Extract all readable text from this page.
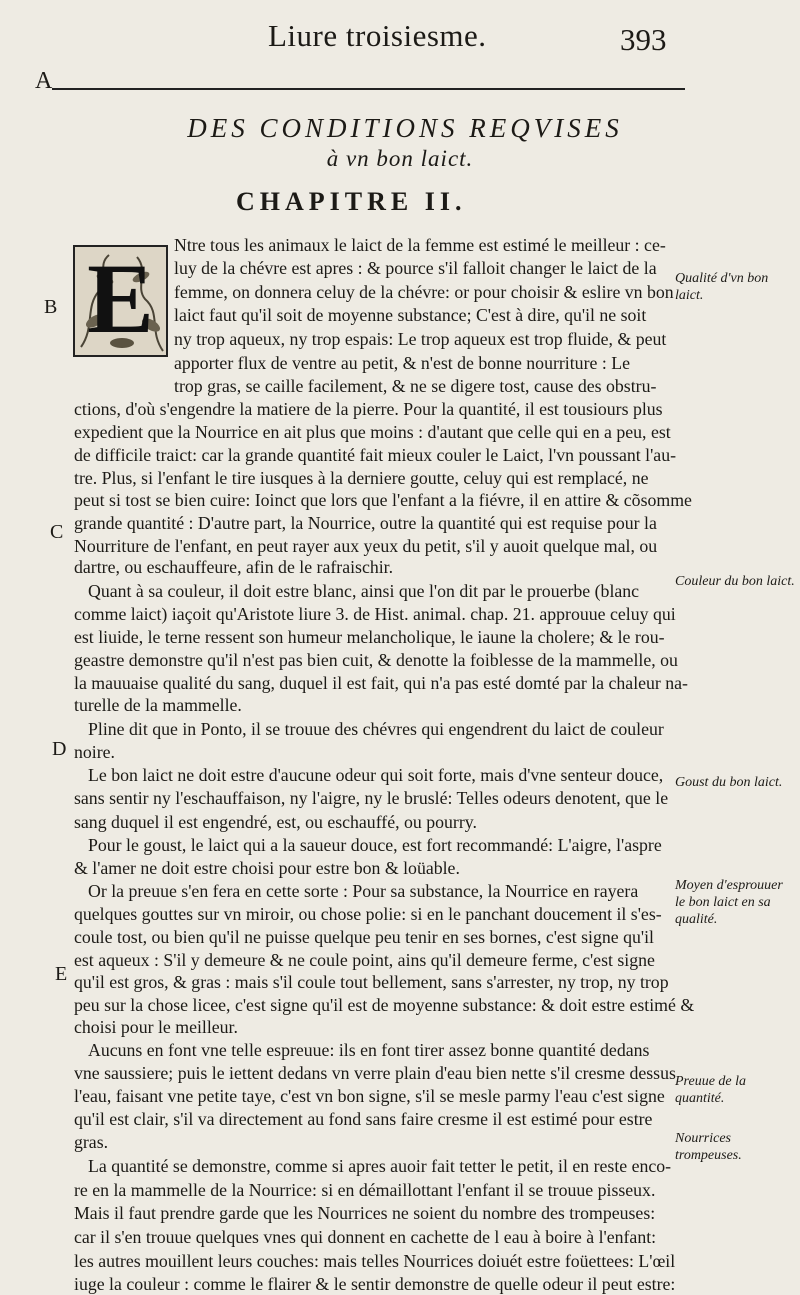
Liure troisiesme.	393
A
B
C
D
E
DES CONDITIONS REQVISES
à vn bon laict.
CHAPITRE II.
E	Ntre tous les animaux le laict de la femme est estimé le meilleur : ce-
luy de la chévre est apres : & pource s'il falloit changer le laict de la
femme, on donnera celuy de la chévre: or pour choisir & eslire vn bon
laict faut qu'il soit de moyenne substance; C'est à dire, qu'il ne soit
ny trop aqueux, ny trop espais: Le trop aqueux est trop fluide, & peut
apporter flux de ventre au petit, & n'est de bonne nourriture : Le
trop gras, se caille facilement, & ne se digere tost, cause des obstru-
ctions, d'où s'engendre la matiere de la pierre. Pour la quantité, il est tousiours plus
expedient que la Nourrice en ait plus que moins : d'autant que celle qui en a peu, est
de difficile traict: car la grande quantité fait mieux couler le Laict, l'vn poussant l'au-
tre. Plus, si l'enfant le tire iusques à la derniere goutte, celuy qui est remplacé, ne
peut si tost se bien cuire: Ioinct que lors que l'enfant a la fiévre, il en attire & cõsomme
grande quantité : D'autre part, la Nourrice, outre la quantité qui est requise pour la
Nourriture de l'enfant, en peut rayer aux yeux du petit, s'il y auoit quelque mal, ou
dartre, ou eschauffeure, afin de le rafraischir.
Quant à sa couleur, il doit estre blanc, ainsi que l'on dit par le prouerbe (blanc
comme laict) iaçoit qu'Aristote liure 3. de Hist. animal. chap. 21. approuue celuy qui
est liuide, le terne ressent son humeur melancholique, le iaune la cholere; & le rou-
geastre demonstre qu'il n'est pas bien cuit, & denotte la foiblesse de la mammelle, ou
la mauuaise qualité du sang, duquel il est fait, qui n'a pas esté domté par la chaleur na-
turelle de la mammelle.
Pline dit que in Ponto, il se trouue des chévres qui engendrent du laict de couleur
noire.
Le bon laict ne doit estre d'aucune odeur qui soit forte, mais d'vne senteur douce,
sans sentir ny l'eschauffaison, ny l'aigre, ny le bruslé: Telles odeurs denotent, que le
sang duquel il est engendré, est, ou eschauffé, ou pourry.
Pour le goust, le laict qui a la saueur douce, est fort recommandé: L'aigre, l'aspre
& l'amer ne doit estre choisi pour estre bon & loüable.
Or la preuue s'en fera en cette sorte : Pour sa substance, la Nourrice en rayera
quelques gouttes sur vn miroir, ou chose polie: si en le panchant doucement il s'es-
coule tost, ou bien qu'il ne puisse quelque peu tenir en ses bornes, c'est signe qu'il
est aqueux : S'il y demeure & ne coule point, ains qu'il demeure ferme, c'est signe
qu'il est gros, & gras : mais s'il coule tout bellement, sans s'arrester, ny trop, ny trop
peu sur la chose licee, c'est signe qu'il est de moyenne substance: & doit estre estimé &
choisi pour le meilleur.
Aucuns en font vne telle espreuue: ils en font tirer assez bonne quantité dedans
vne saussiere; puis le iettent dedans vn verre plain d'eau bien nette s'il cresme dessus
l'eau, faisant vne petite taye, c'est vn bon signe, s'il se mesle parmy l'eau c'est signe
qu'il est clair, s'il va directement au fond sans faire cresme il est estimé pour estre
gras.
La quantité se demonstre, comme si apres auoir fait tetter le petit, il en reste enco-
re en la mammelle de la Nourrice: si en démaillottant l'enfant il se trouue pisseux.
Mais il faut prendre garde que les Nourrices ne soient du nombre des trompeuses:
car il s'en trouue quelques vnes qui donnent en cachette de l eau à boire à l'enfant:
les autres mouillent leurs couches: mais telles Nourrices doiuét estre foüettees: L'œil
iuge la couleur : comme le flairer & le sentir demonstre de quelle odeur il peut estre:
Qualité d'vn bon laict.
Couleur du bon laict.
Goust du bon laict.
Moyen d'esprouuer le bon laict en sa qualité.
Preuue de la quantité.
Nourrices trompeuses.
